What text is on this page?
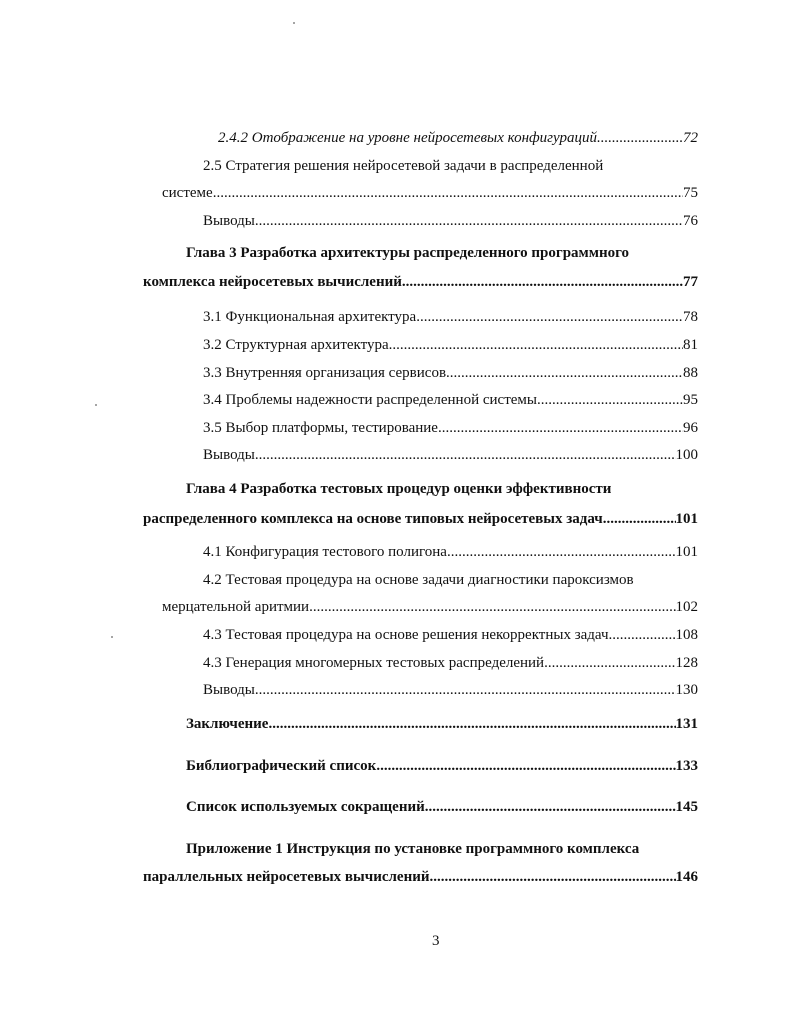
2.4.2 Отображение на уровне нейросетевых конфигураций .....	72
2.5 Стратегия решения нейросетевой задачи в распределенной
системе .....	75
Выводы .....	76
Глава 3 Разработка архитектуры распределенного программного
комплекса нейросетевых вычислений .....	77
3.1 Функциональная архитектура .....	78
3.2 Структурная архитектура .....	81
3.3 Внутренняя организация сервисов .....	88
3.4 Проблемы надежности распределенной системы .....	95
3.5 Выбор платформы, тестирование .....	96
Выводы .....	100
Глава 4 Разработка тестовых процедур оценки эффективности
распределенного комплекса на основе типовых нейросетевых задач .....	101
4.1 Конфигурация тестового полигона .....	101
4.2 Тестовая процедура на основе задачи диагностики пароксизмов
мерцательной аритмии .....	102
4.3 Тестовая процедура на основе решения некорректных задач .....	108
4.3 Генерация многомерных тестовых распределений .....	128
Выводы .....	130
Заключение .....	131
Библиографический список .....	133
Список используемых сокращений .....	145
Приложение 1 Инструкция по установке программного комплекса
параллельных нейросетевых вычислений .....	146
3
